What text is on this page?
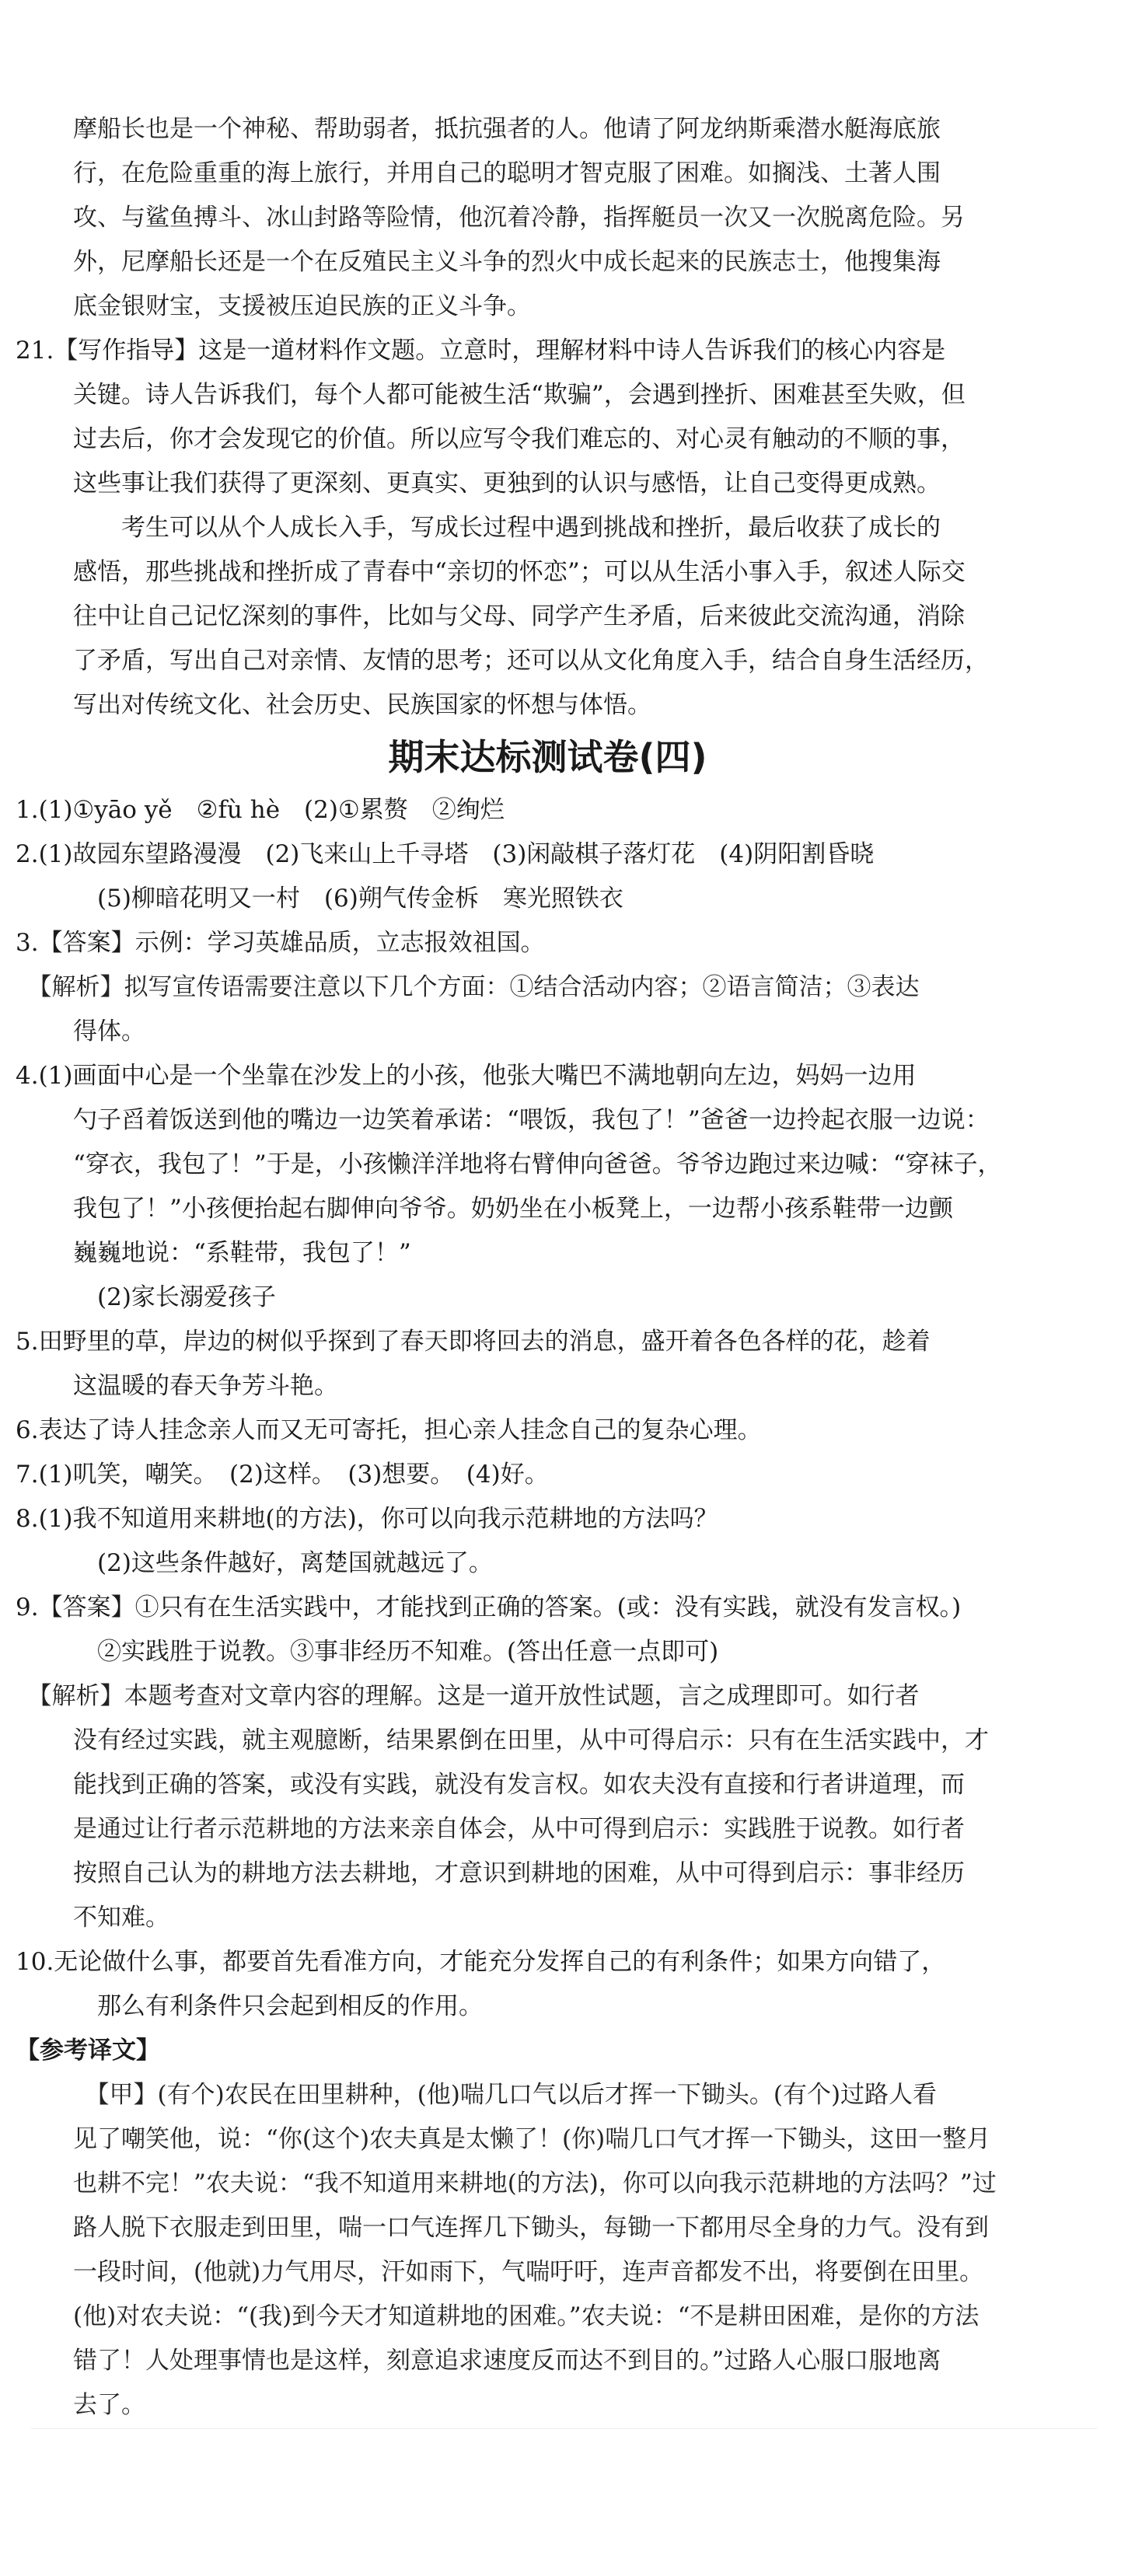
摩船长也是一个神秘、帮助弱者，抵抗强者的人。他请了阿龙纳斯乘潜水艇海底旅
行，在危险重重的海上旅行，并用自己的聪明才智克服了困难。如搁浅、土著人围
攻、与鲨鱼搏斗、冰山封路等险情，他沉着冷静，指挥艇员一次又一次脱离危险。另
外，尼摩船长还是一个在反殖民主义斗争的烈火中成长起来的民族志士，他搜集海
底金银财宝，支援被压迫民族的正义斗争。
21.【写作指导】这是一道材料作文题。立意时，理解材料中诗人告诉我们的核心内容是
关键。诗人告诉我们，每个人都可能被生活“欺骗”，会遇到挫折、困难甚至失败，但
过去后，你才会发现它的价值。所以应写令我们难忘的、对心灵有触动的不顺的事，
这些事让我们获得了更深刻、更真实、更独到的认识与感悟，让自己变得更成熟。
　　考生可以从个人成长入手，写成长过程中遇到挑战和挫折，最后收获了成长的
感悟，那些挑战和挫折成了青春中“亲切的怀恋”；可以从生活小事入手，叙述人际交
往中让自己记忆深刻的事件，比如与父母、同学产生矛盾，后来彼此交流沟通，消除
了矛盾，写出自己对亲情、友情的思考；还可以从文化角度入手，结合自身生活经历，
写出对传统文化、社会历史、民族国家的怀想与体悟。
期末达标测试卷(四)
1.(1)①yāo yě　②fù hè　(2)①累赘　②绚烂
2.(1)故园东望路漫漫　(2)飞来山上千寻塔　(3)闲敲棋子落灯花　(4)阴阳割昏晓
　(5)柳暗花明又一村　(6)朔气传金柝　寒光照铁衣
3.【答案】示例：学习英雄品质，立志报效祖国。
　【解析】拟写宣传语需要注意以下几个方面：①结合活动内容；②语言简洁；③表达
得体。
4.(1)画面中心是一个坐靠在沙发上的小孩，他张大嘴巴不满地朝向左边，妈妈一边用
勺子舀着饭送到他的嘴边一边笑着承诺：“喂饭，我包了！”爸爸一边拎起衣服一边说：
“穿衣，我包了！”于是，小孩懒洋洋地将右臂伸向爸爸。爷爷边跑过来边喊：“穿袜子，
我包了！”小孩便抬起右脚伸向爷爷。奶奶坐在小板凳上，一边帮小孩系鞋带一边颤
巍巍地说：“系鞋带，我包了！”
　(2)家长溺爱孩子
5.田野里的草，岸边的树似乎探到了春天即将回去的消息，盛开着各色各样的花，趁着
这温暖的春天争芳斗艳。
6.表达了诗人挂念亲人而又无可寄托，担心亲人挂念自己的复杂心理。
7.(1)叽笑，嘲笑。　(2)这样。　(3)想要。　(4)好。
8.(1)我不知道用来耕地(的方法)，你可以向我示范耕地的方法吗？
　(2)这些条件越好，离楚国就越远了。
9.【答案】①只有在生活实践中，才能找到正确的答案。(或：没有实践，就没有发言权。)
　②实践胜于说教。③事非经历不知难。(答出任意一点即可)
　【解析】本题考查对文章内容的理解。这是一道开放性试题，言之成理即可。如行者
没有经过实践，就主观臆断，结果累倒在田里，从中可得启示：只有在生活实践中，才
能找到正确的答案，或没有实践，就没有发言权。如农夫没有直接和行者讲道理，而
是通过让行者示范耕地的方法来亲自体会，从中可得到启示：实践胜于说教。如行者
按照自己认为的耕地方法去耕地，才意识到耕地的困难，从中可得到启示：事非经历
不知难。
10.无论做什么事，都要首先看准方向，才能充分发挥自己的有利条件；如果方向错了，
　那么有利条件只会起到相反的作用。
【参考译文】
　【甲】(有个)农民在田里耕种，(他)喘几口气以后才挥一下锄头。(有个)过路人看
见了嘲笑他，说：“你(这个)农夫真是太懒了！(你)喘几口气才挥一下锄头，这田一整月
也耕不完！”农夫说：“我不知道用来耕地(的方法)，你可以向我示范耕地的方法吗？”过
路人脱下衣服走到田里，喘一口气连挥几下锄头，每锄一下都用尽全身的力气。没有到
一段时间，(他就)力气用尽，汗如雨下，气喘吁吁，连声音都发不出，将要倒在田里。
(他)对农夫说：“(我)到今天才知道耕地的困难。”农夫说：“不是耕田困难，是你的方法
错了！人处理事情也是这样，刻意追求速度反而达不到目的。”过路人心服口服地离
去了。
